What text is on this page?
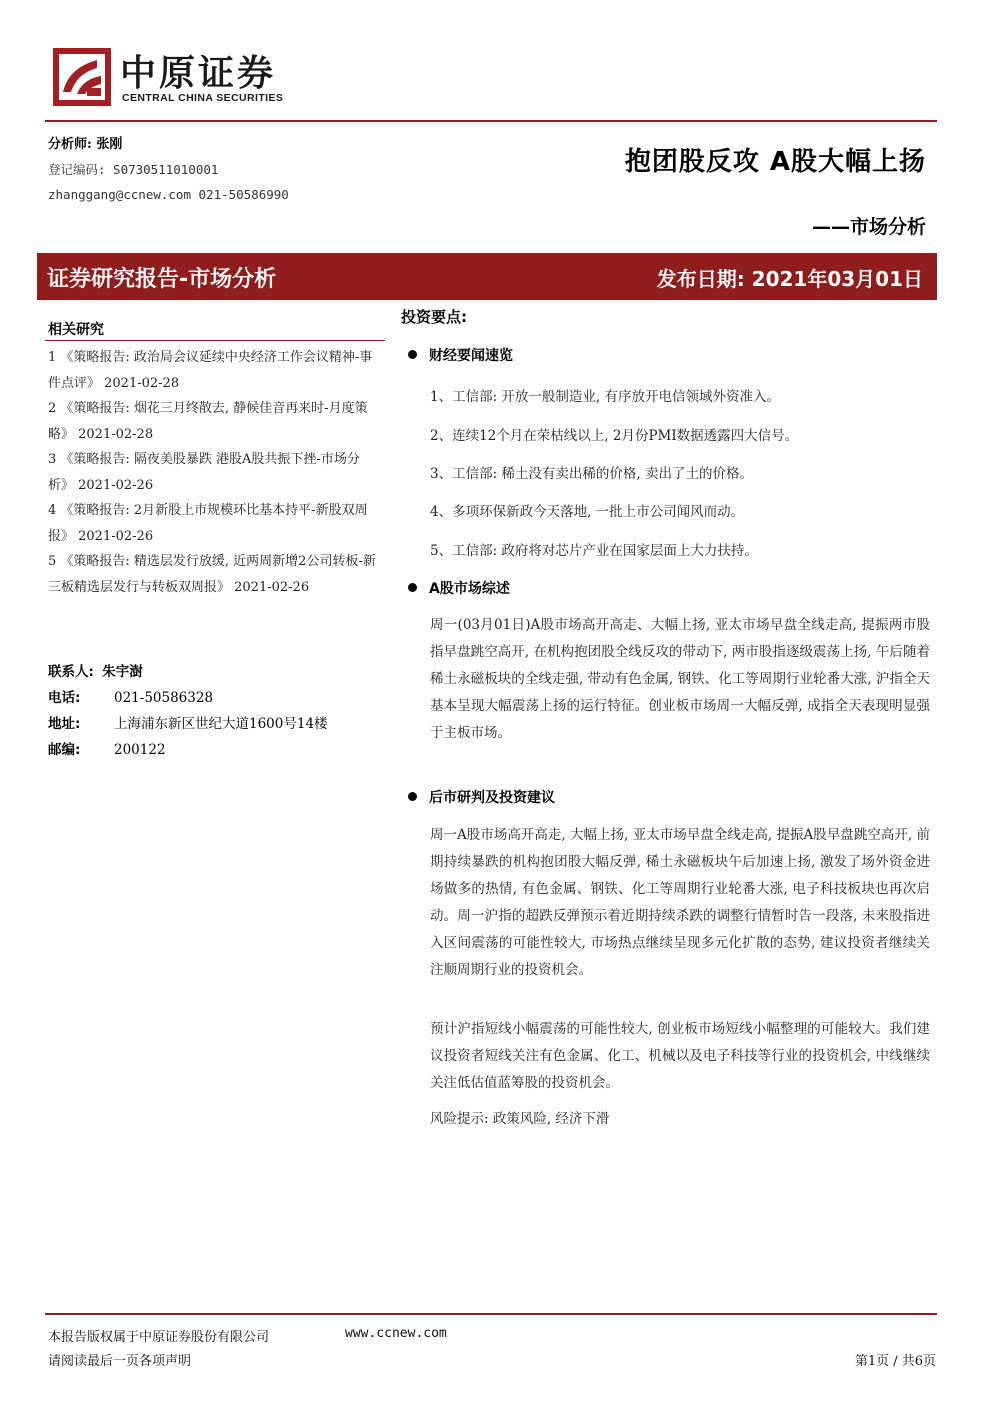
中原证券
CENTRAL CHINA SECURITIES
分析师: 张刚
登记编码: S0730511010001
zhanggang@ccnew.com 021-50586990
抱团股反攻 A股大幅上扬
——市场分析
证券研究报告-市场分析	发布日期: 2021年03月01日
相关研究
1 《策略报告: 政治局会议延续中央经济工作会议精神-事件点评》 2021-02-28
2 《策略报告: 烟花三月终散去, 静候佳音再来时-月度策略》 2021-02-28
3 《策略报告: 隔夜美股暴跌 港股A股共振下挫-市场分析》 2021-02-26
4 《策略报告: 2月新股上市规模环比基本持平-新股双周报》 2021-02-26
5 《策略报告: 精选层发行放缓, 近两周新增2公司转板-新三板精选层发行与转板双周报》 2021-02-26
联系人: 朱宇澍
电话: 021-50586328
地址: 上海浦东新区世纪大道1600号14楼
邮编: 200122
投资要点:
财经要闻速览
1、工信部: 开放一般制造业, 有序放开电信领域外资准入。
2、连续12个月在荣枯线以上, 2月份PMI数据透露四大信号。
3、工信部: 稀土没有卖出稀的价格, 卖出了土的价格。
4、多项环保新政今天落地, 一批上市公司闻风而动。
5、工信部: 政府将对芯片产业在国家层面上大力扶持。
A股市场综述
周一(03月01日)A股市场高开高走、大幅上扬, 亚太市场早盘全线走高, 提振两市股指早盘跳空高开, 在机构抱团股全线反攻的带动下, 两市股指逐级震荡上扬, 午后随着稀土永磁板块的全线走强, 带动有色金属, 钢铁、化工等周期行业轮番大涨, 沪指全天基本呈现大幅震荡上扬的运行特征。创业板市场周一大幅反弹, 成指全天表现明显强于主板市场。
后市研判及投资建议
周一A股市场高开高走, 大幅上扬, 亚太市场早盘全线走高, 提振A股早盘跳空高开, 前期持续暴跌的机构抱团股大幅反弹, 稀土永磁板块午后加速上扬, 激发了场外资金进场做多的热情, 有色金属、钢铁、化工等周期行业轮番大涨, 电子科技板块也再次启动。周一沪指的超跌反弹预示着近期持续杀跌的调整行情暂时告一段落, 未来股指进入区间震荡的可能性较大, 市场热点继续呈现多元化扩散的态势, 建议投资者继续关注顺周期行业的投资机会。
预计沪指短线小幅震荡的可能性较大, 创业板市场短线小幅整理的可能较大。我们建议投资者短线关注有色金属、化工、机械以及电子科技等行业的投资机会, 中线继续关注低估值蓝筹股的投资机会。
风险提示: 政策风险, 经济下滑
本报告版权属于中原证券股份有限公司	www.ccnew.com
请阅读最后一页各项声明	第1页 / 共6页
